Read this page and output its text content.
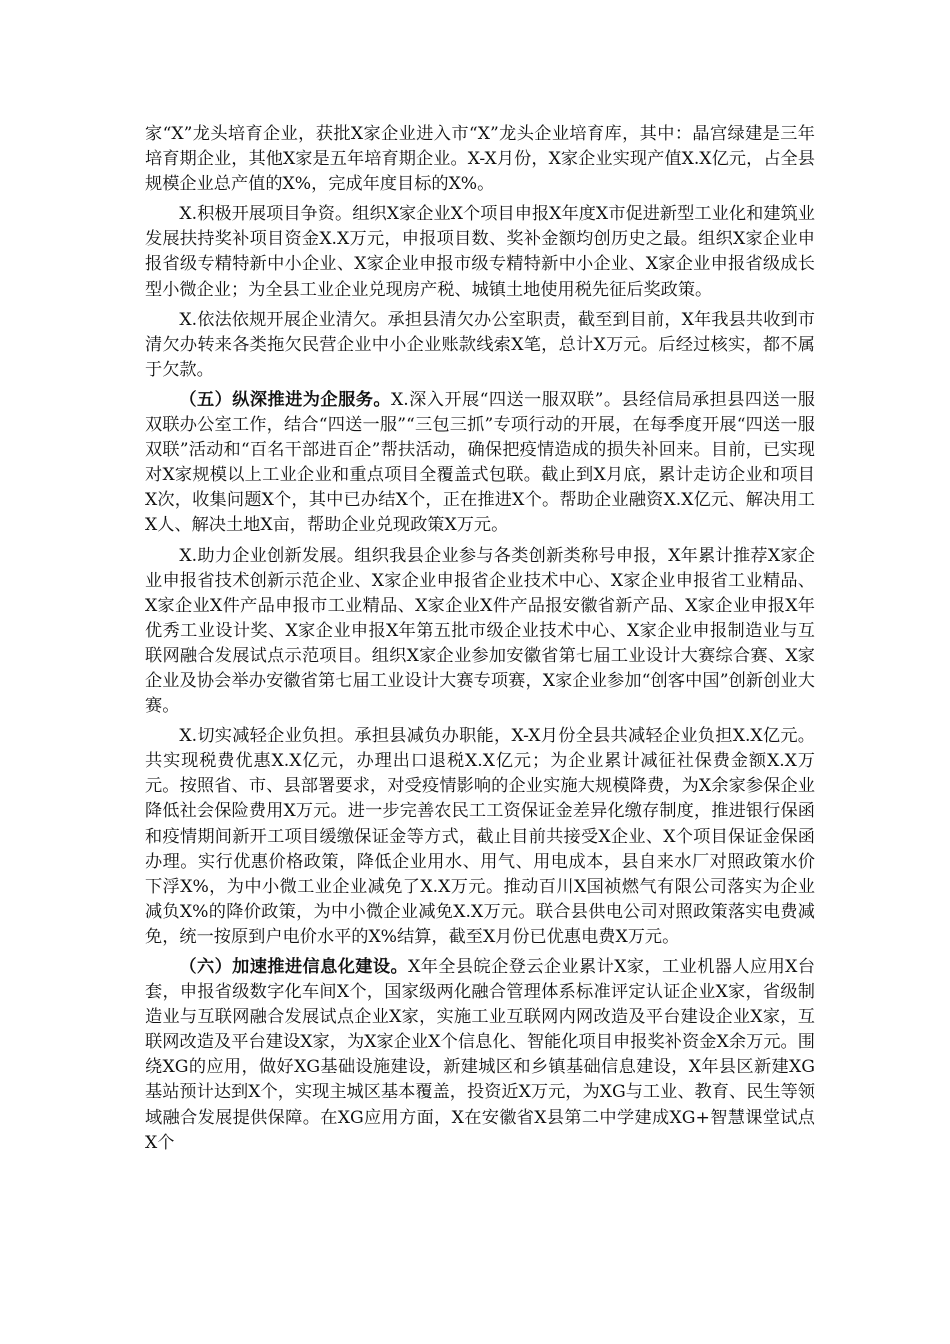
家“X”龙头培育企业，获批X家企业进入市“X”龙头企业培育库，其中：晶宫绿建是三年培育期企业，其他X家是五年培育期企业。X-X月份，X家企业实现产值X.X亿元，占全县规模企业总产值的X%，完成年度目标的X%。

X.积极开展项目争资。组织X家企业X个项目申报X年度X市促进新型工业化和建筑业发展扶持奖补项目资金X.X万元，申报项目数、奖补金额均创历史之最。组织X家企业申报省级专精特新中小企业、X家企业申报市级专精特新中小企业、X家企业申报省级成长型小微企业；为全县工业企业兑现房产税、城镇土地使用税先征后奖政策。

X.依法依规开展企业清欠。承担县清欠办公室职责，截至到目前，X年我县共收到市清欠办转来各类拖欠民营企业中小企业账款线索X笔，总计X万元。后经过核实，都不属于欠款。

（五）纵深推进为企服务。X.深入开展“四送一服双联”。县经信局承担县四送一服双联办公室工作，结合“四送一服”“三包三抓”专项行动的开展，在每季度开展“四送一服双联”活动和“百名干部进百企”帮扶活动，确保把疫情造成的损失补回来。目前，已实现对X家规模以上工业企业和重点项目全覆盖式包联。截止到X月底，累计走访企业和项目X次，收集问题X个，其中已办结X个，正在推进X个。帮助企业融资X.X亿元、解决用工X人、解决土地X亩，帮助企业兑现政策X万元。

X.助力企业创新发展。组织我县企业参与各类创新类称号申报，X年累计推荐X家企业申报省技术创新示范企业、X家企业申报省企业技术中心、X家企业申报省工业精品、X家企业X件产品申报市工业精品、X家企业X件产品报安徽省新产品、X家企业申报X年优秀工业设计奖、X家企业申报X年第五批市级企业技术中心、X家企业申报制造业与互联网融合发展试点示范项目。组织X家企业参加安徽省第七届工业设计大赛综合赛、X家企业及协会举办安徽省第七届工业设计大赛专项赛，X家企业参加“创客中国”创新创业大赛。

X.切实减轻企业负担。承担县减负办职能，X-X月份全县共减轻企业负担X.X亿元。共实现税费优惠X.X亿元，办理出口退税X.X亿元；为企业累计减征社保费金额X.X万元。按照省、市、县部署要求，对受疫情影响的企业实施大规模降费，为X余家参保企业降低社会保险费用X万元。进一步完善农民工工资保证金差异化缴存制度，推进银行保函和疫情期间新开工项目缓缴保证金等方式，截止目前共接受X企业、X个项目保证金保函办理。实行优惠价格政策，降低企业用水、用气、用电成本，县自来水厂对照政策水价下浮X%，为中小微工业企业减免了X.X万元。推动百川X国祯燃气有限公司落实为企业减负X%的降价政策，为中小微企业减免X.X万元。联合县供电公司对照政策落实电费减免，统一按原到户电价水平的X%结算，截至X月份已优惠电费X万元。

（六）加速推进信息化建设。X年全县皖企登云企业累计X家，工业机器人应用X台套，申报省级数字化车间X个，国家级两化融合管理体系标准评定认证企业X家，省级制造业与互联网融合发展试点企业X家，实施工业互联网内网改造及平台建设企业X家，互联网改造及平台建设X家，为X家企业X个信息化、智能化项目申报奖补资金X余万元。围绕XG的应用，做好XG基础设施建设，新建城区和乡镇基础信息建设，X年县区新建XG基站预计达到X个，实现主城区基本覆盖，投资近X万元，为XG与工业、教育、民生等领域融合发展提供保障。在XG应用方面，X在安徽省X县第二中学建成XG+智慧课堂试点X个
